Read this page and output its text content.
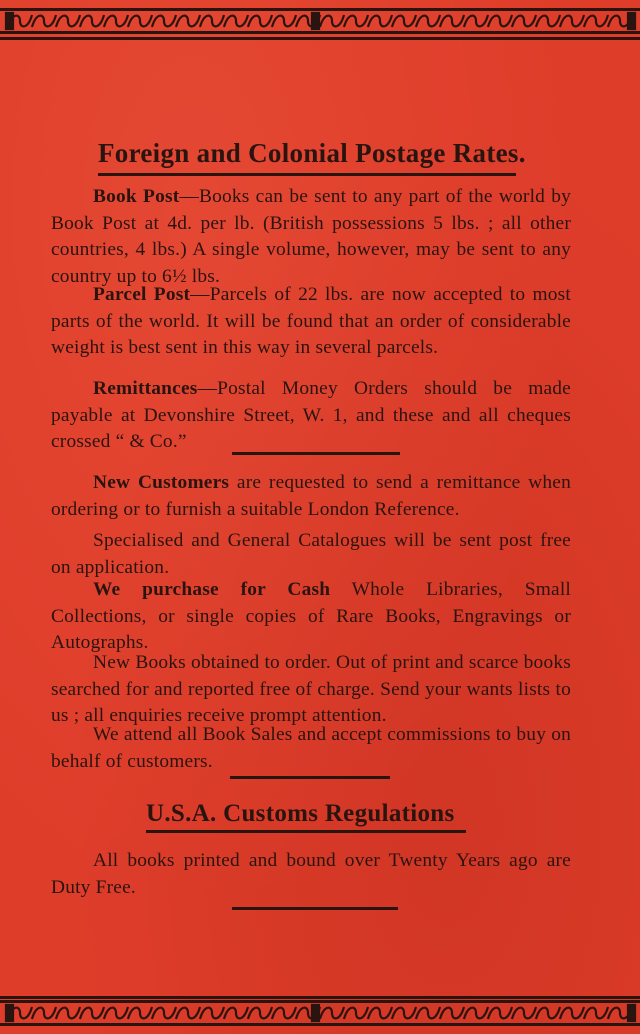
Foreign and Colonial Postage Rates.

Book Post—Books can be sent to any part of the world by Book Post at 4d. per lb. (British possessions 5 lbs. ; all other countries, 4 lbs.) A single volume, however, may be sent to any country up to 6½ lbs.

Parcel Post—Parcels of 22 lbs. are now accepted to most parts of the world. It will be found that an order of considerable weight is best sent in this way in several parcels.

Remittances—Postal Money Orders should be made payable at Devonshire Street, W. 1, and these and all cheques crossed “ & Co.”

New Customers are requested to send a remittance when ordering or to furnish a suitable London Reference.

Specialised and General Catalogues will be sent post free on application.

We purchase for Cash Whole Libraries, Small Collections, or single copies of Rare Books, Engravings or Autographs.

New Books obtained to order. Out of print and scarce books searched for and reported free of charge. Send your wants lists to us ; all enquiries receive prompt attention.

We attend all Book Sales and accept commissions to buy on behalf of customers.

U.S.A. Customs Regulations

All books printed and bound over Twenty Years ago are Duty Free.
